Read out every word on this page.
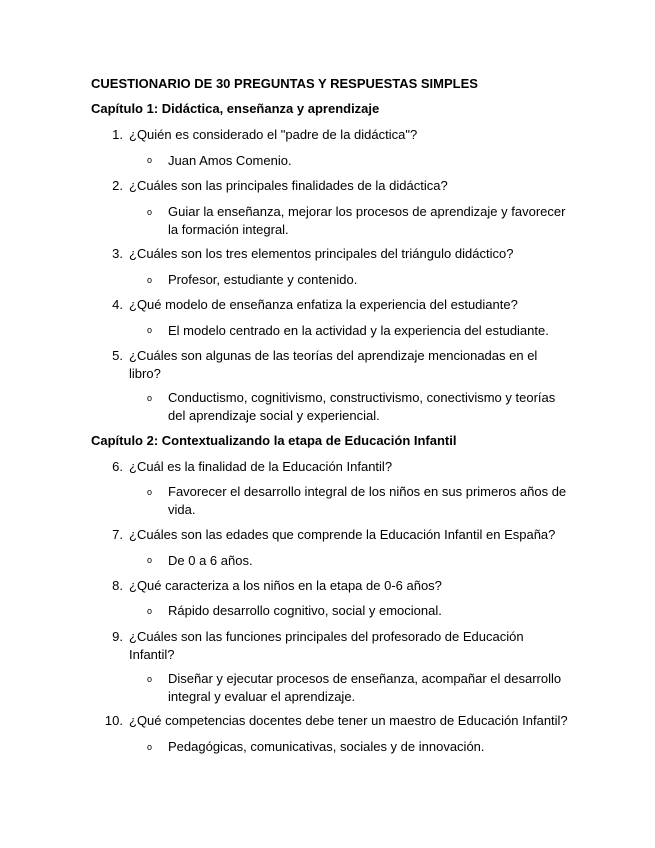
CUESTIONARIO DE 30 PREGUNTAS Y RESPUESTAS SIMPLES
Capítulo 1: Didáctica, enseñanza y aprendizaje
1. ¿Quién es considerado el "padre de la didáctica"?
o Juan Amos Comenio.
2. ¿Cuáles son las principales finalidades de la didáctica?
o Guiar la enseñanza, mejorar los procesos de aprendizaje y favorecer la formación integral.
3. ¿Cuáles son los tres elementos principales del triángulo didáctico?
o Profesor, estudiante y contenido.
4. ¿Qué modelo de enseñanza enfatiza la experiencia del estudiante?
o El modelo centrado en la actividad y la experiencia del estudiante.
5. ¿Cuáles son algunas de las teorías del aprendizaje mencionadas en el libro?
o Conductismo, cognitivismo, constructivismo, conectivismo y teorías del aprendizaje social y experiencial.
Capítulo 2: Contextualizando la etapa de Educación Infantil
6. ¿Cuál es la finalidad de la Educación Infantil?
o Favorecer el desarrollo integral de los niños en sus primeros años de vida.
7. ¿Cuáles son las edades que comprende la Educación Infantil en España?
o De 0 a 6 años.
8. ¿Qué caracteriza a los niños en la etapa de 0-6 años?
o Rápido desarrollo cognitivo, social y emocional.
9. ¿Cuáles son las funciones principales del profesorado de Educación Infantil?
o Diseñar y ejecutar procesos de enseñanza, acompañar el desarrollo integral y evaluar el aprendizaje.
10. ¿Qué competencias docentes debe tener un maestro de Educación Infantil?
o Pedagógicas, comunicativas, sociales y de innovación.
